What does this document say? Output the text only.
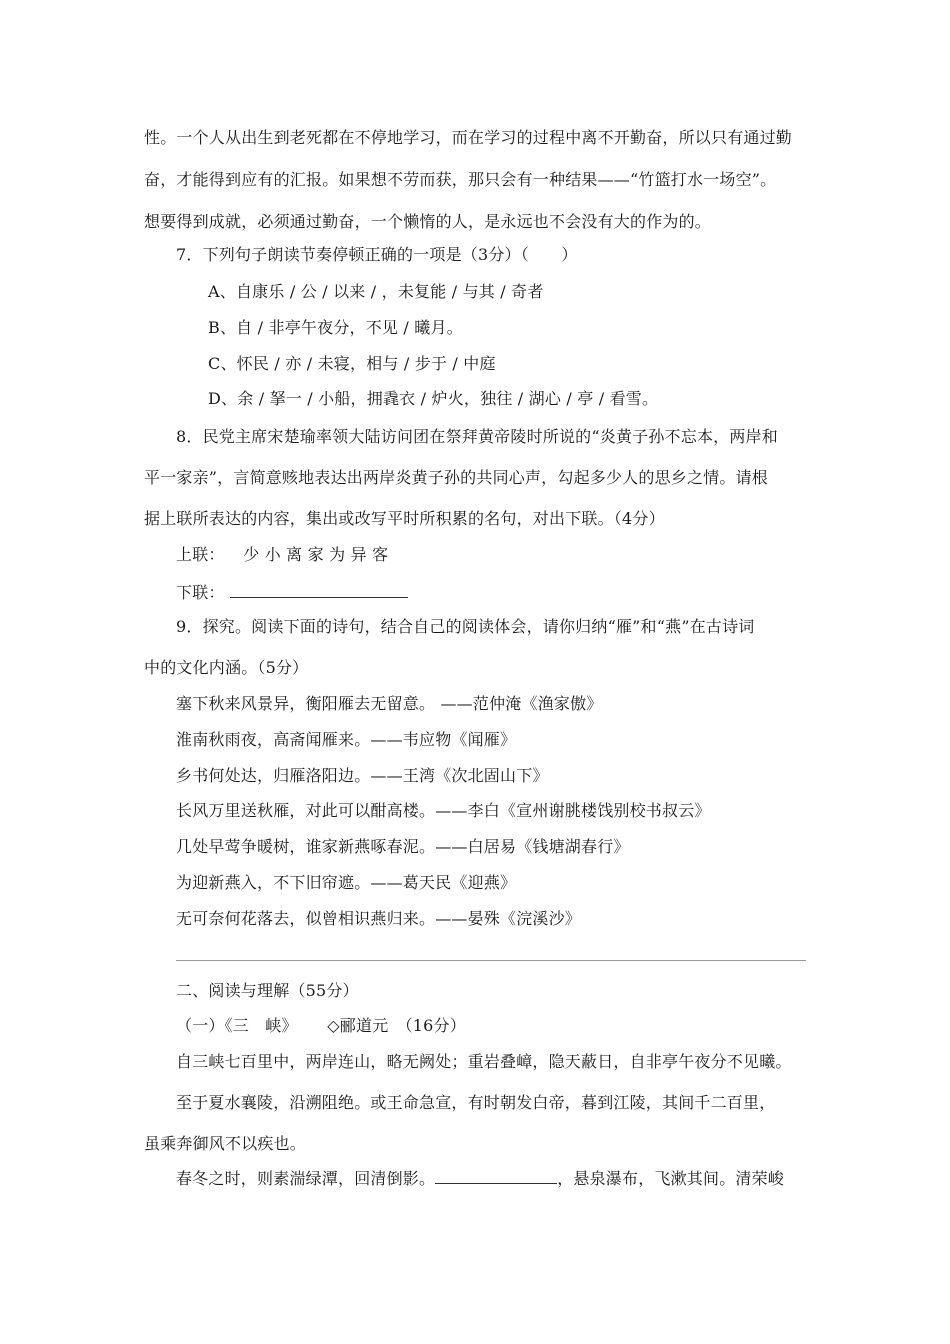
性。一个人从出生到老死都在不停地学习，而在学习的过程中离不开勤奋，所以只有通过勤
奋，才能得到应有的汇报。如果想不劳而获，那只会有一种结果——“竹篮打水一场空”。
想要得到成就，必须通过勤奋，一个懒惰的人，是永远也不会没有大的作为的。
7．下列句子朗读节奏停顿正确的一项是（3分）（　　）
A、自康乐 / 公 / 以来 / ，未复能 / 与其 / 奇者
B、自 / 非亭午夜分，不见 / 曦月。
C、怀民 / 亦 / 未寝，相与 / 步于 / 中庭
D、余 / 拏一 / 小船，拥毳衣 / 炉火，独往 / 湖心 / 亭 / 看雪。
8．民党主席宋楚瑜率领大陆访问团在祭拜黄帝陵时所说的“炎黄子孙不忘本，两岸和
平一家亲”，言简意赅地表达出两岸炎黄子孙的共同心声，勾起多少人的思乡之情。请根
据上联所表达的内容，集出或改写平时所积累的名句，对出下联。（4分）
上联： 少 小 离 家 为 异 客
下联：
9．探究。阅读下面的诗句，结合自己的阅读体会，请你归纳“雁”和“燕”在古诗词
中的文化内涵。（5分）
塞下秋来风景异，衡阳雁去无留意。 ——范仲淹《渔家傲》
淮南秋雨夜，高斋闻雁来。——韦应物《闻雁》
乡书何处达，归雁洛阳边。——王湾《次北固山下》
长风万里送秋雁，对此可以酣高楼。——李白《宣州谢朓楼饯别校书叔云》
几处早莺争暖树，谁家新燕啄春泥。——白居易《钱塘湖春行》
为迎新燕入，不下旧帘遮。——葛天民《迎燕》
无可奈何花落去，似曾相识燕归来。——晏殊《浣溪沙》
二、阅读与理解（55分）
（一）《三　峡》　　 ◇郦道元　（16分）
自三峡七百里中，两岸连山，略无阙处；重岩叠嶂，隐天蔽日，自非亭午夜分不见曦。
至于夏水襄陵，沿溯阻绝。或王命急宣，有时朝发白帝，暮到江陵，其间千二百里，
虽乘奔御风不以疾也。
春冬之时，则素湍绿潭，回清倒影。	，悬泉瀑布，飞漱其间。清荣峻
